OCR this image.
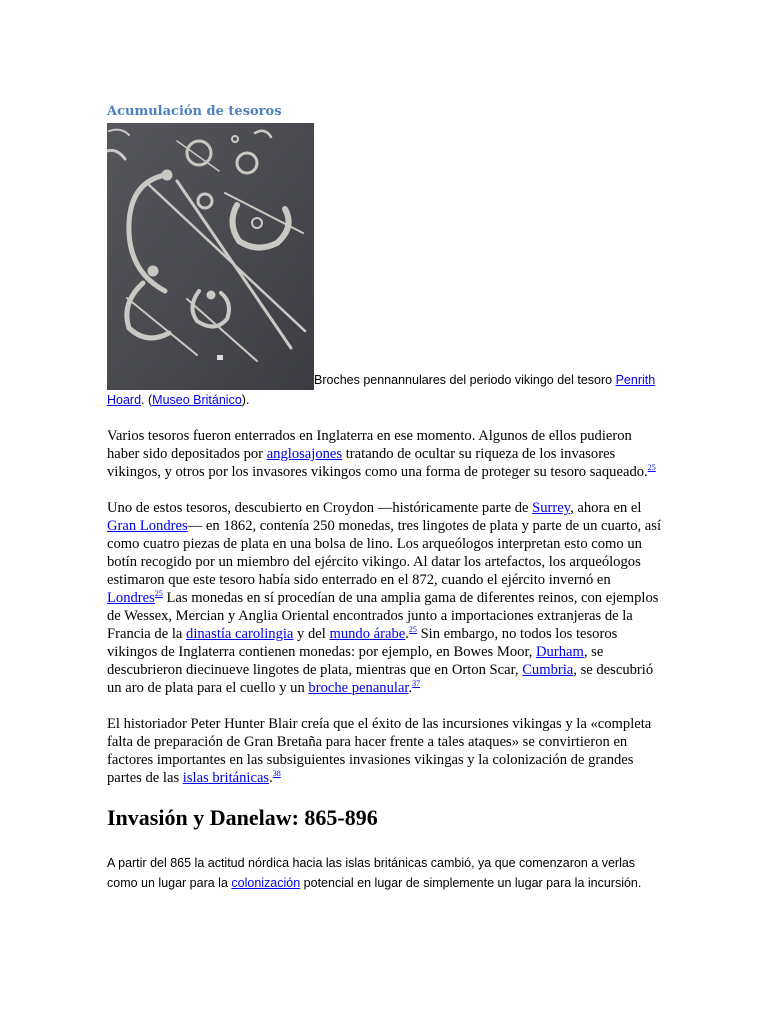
Acumulación de tesoros
Broches pennannulares del periodo vikingo del tesoro Penrith Hoard. (Museo Británico).

Varios tesoros fueron enterrados en Inglaterra en ese momento. Algunos de ellos pudieron haber sido depositados por anglosajones tratando de ocultar su riqueza de los invasores vikingos, y otros por los invasores vikingos como una forma de proteger su tesoro saqueado.$^{25}$

Uno de estos tesoros, descubierto en Croydon —históricamente parte de Surrey, ahora en el Gran Londres— en 1862, contenía 250 monedas, tres lingotes de plata y parte de un cuarto, así como cuatro piezas de plata en una bolsa de lino. Los arqueólogos interpretan esto como un botín recogido por un miembro del ejército vikingo. Al datar los artefactos, los arqueólogos estimaron que este tesoro había sido enterrado en el 872, cuando el ejército invernó en Londres$^{25}$ Las monedas en sí procedían de una amplia gama de diferentes reinos, con ejemplos de Wessex, Mercian y Anglia Oriental encontrados junto a importaciones extranjeras de la Francia de la dinastía carolingia y del mundo árabe.$^{25}$ Sin embargo, no todos los tesoros vikingos de Inglaterra contienen monedas: por ejemplo, en Bowes Moor, Durham, se descubrieron diecinueve lingotes de plata, mientras que en Orton Scar, Cumbria, se descubrió un aro de plata para el cuello y un broche penanular.$^{37}$

El historiador Peter Hunter Blair creía que el éxito de las incursiones vikingas y la «completa falta de preparación de Gran Bretaña para hacer frente a tales ataques» se convirtieron en factores importantes en las subsiguientes invasiones vikingas y la colonización de grandes partes de las islas británicas.$^{38}$

Invasión y Danelaw: 865-896

A partir del 865 la actitud nórdica hacia las islas británicas cambió, ya que comenzaron a verlas como un lugar para la colonización potencial en lugar de simplemente un lugar para la incursión.
